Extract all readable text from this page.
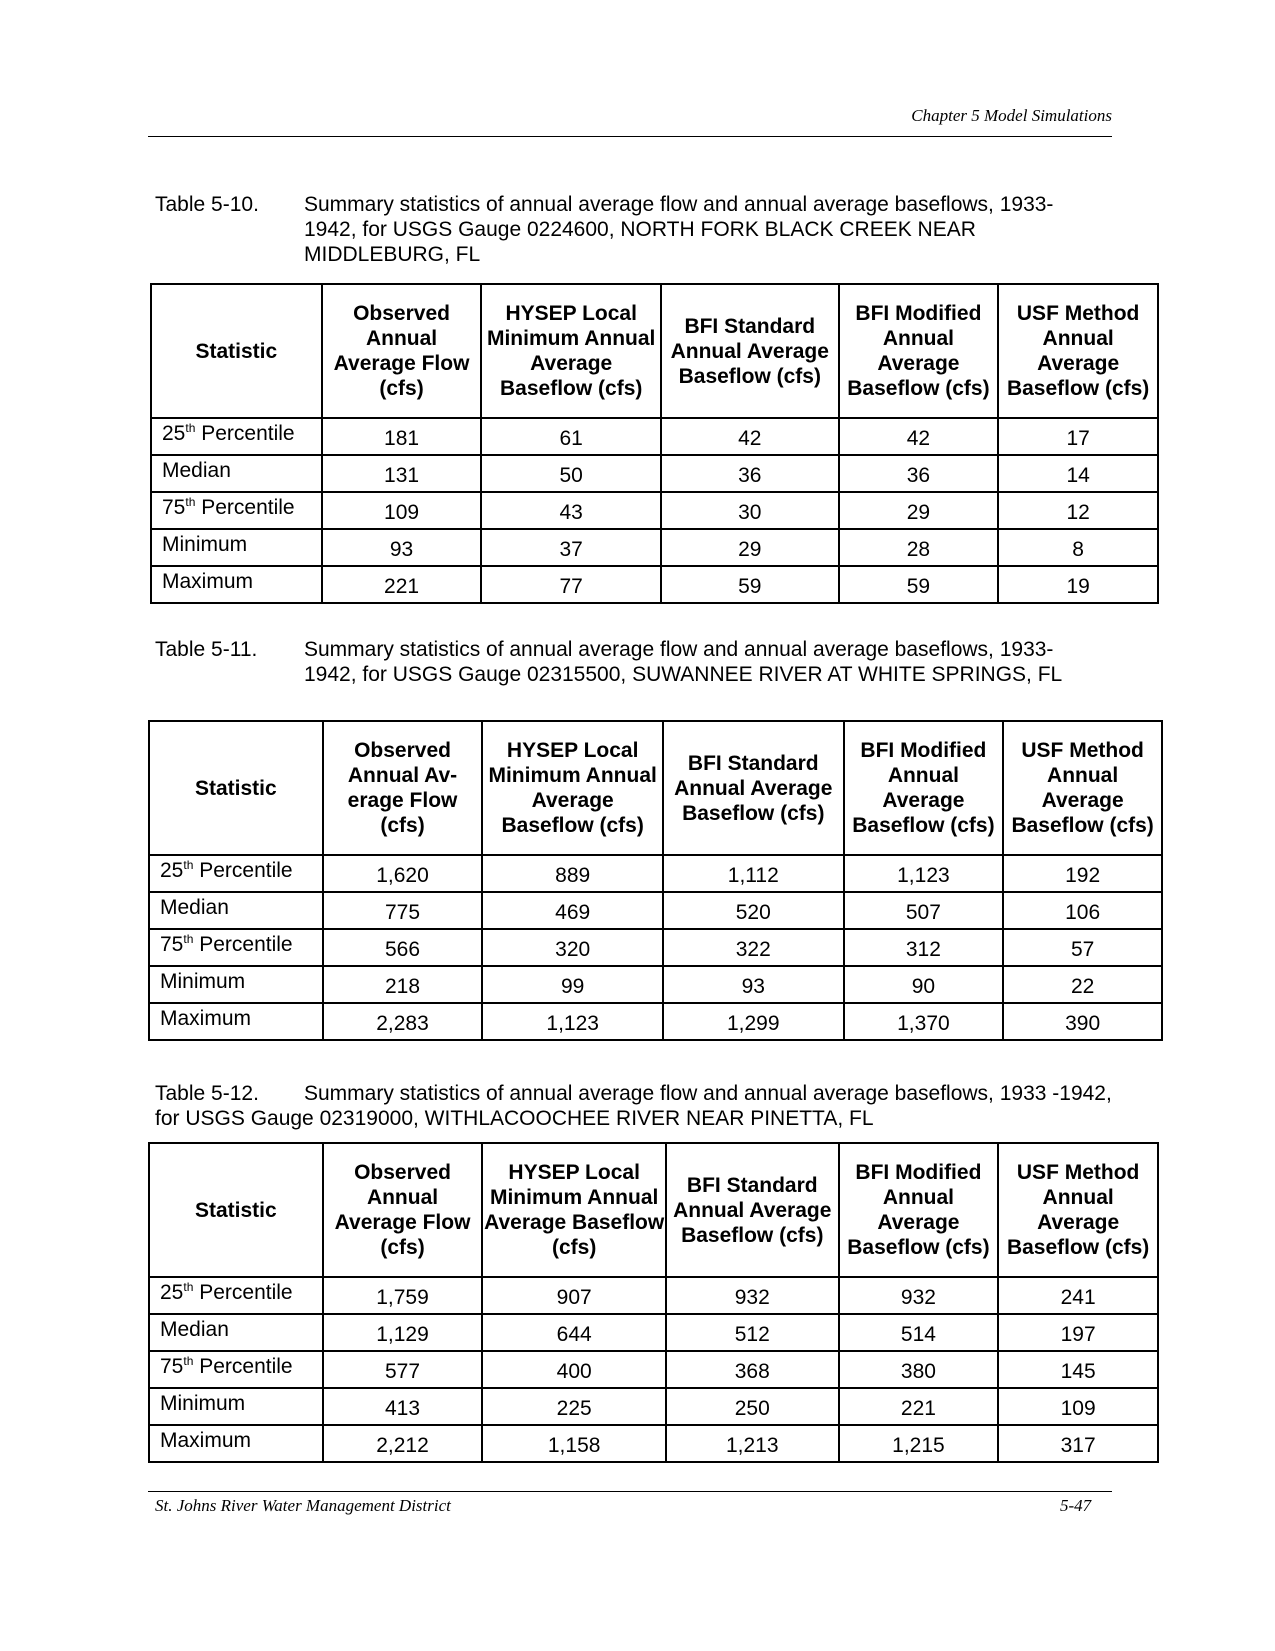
Chapter 5 Model Simulations
Table 5-10. Summary statistics of annual average flow and annual average baseflows, 1933-1942, for USGS Gauge 0224600, NORTH FORK BLACK CREEK NEAR MIDDLEBURG, FL
Statistic	Observed Annual Average Flow (cfs)	HYSEP Local Minimum Annual Average Baseflow (cfs)	BFI Standard Annual Average Baseflow (cfs)	BFI Modified Annual Average Baseflow (cfs)	USF Method Annual Average Baseflow (cfs)
25th Percentile	181	61	42	42	17
Median	131	50	36	36	14
75th Percentile	109	43	30	29	12
Minimum	93	37	29	28	8
Maximum	221	77	59	59	19
Table 5-11. Summary statistics of annual average flow and annual average baseflows, 1933-1942, for USGS Gauge 02315500, SUWANNEE RIVER AT WHITE SPRINGS, FL
Statistic	Observed Annual Av- erage Flow (cfs)	HYSEP Local Minimum Annual Average Baseflow (cfs)	BFI Standard Annual Average Baseflow (cfs)	BFI Modified Annual Average Baseflow (cfs)	USF Method Annual Average Baseflow (cfs)
25th Percentile	1,620	889	1,112	1,123	192
Median	775	469	520	507	106
75th Percentile	566	320	322	312	57
Minimum	218	99	93	90	22
Maximum	2,283	1,123	1,299	1,370	390
Table 5-12.	Summary statistics of annual average flow and annual average baseflows, 1933 -1942, for USGS Gauge 02319000, WITHLACOOCHEE RIVER NEAR PINETTA, FL
Statistic	Observed Annual Average Flow (cfs)	HYSEP Local Minimum Annual Average Baseflow (cfs)	BFI Standard Annual Average Baseflow (cfs)	BFI Modified Annual Average Baseflow (cfs)	USF Method Annual Average Baseflow (cfs)
25th Percentile	1,759	907	932	932	241
Median	1,129	644	512	514	197
75th Percentile	577	400	368	380	145
Minimum	413	225	250	221	109
Maximum	2,212	1,158	1,213	1,215	317
St. Johns River Water Management District	5-47
